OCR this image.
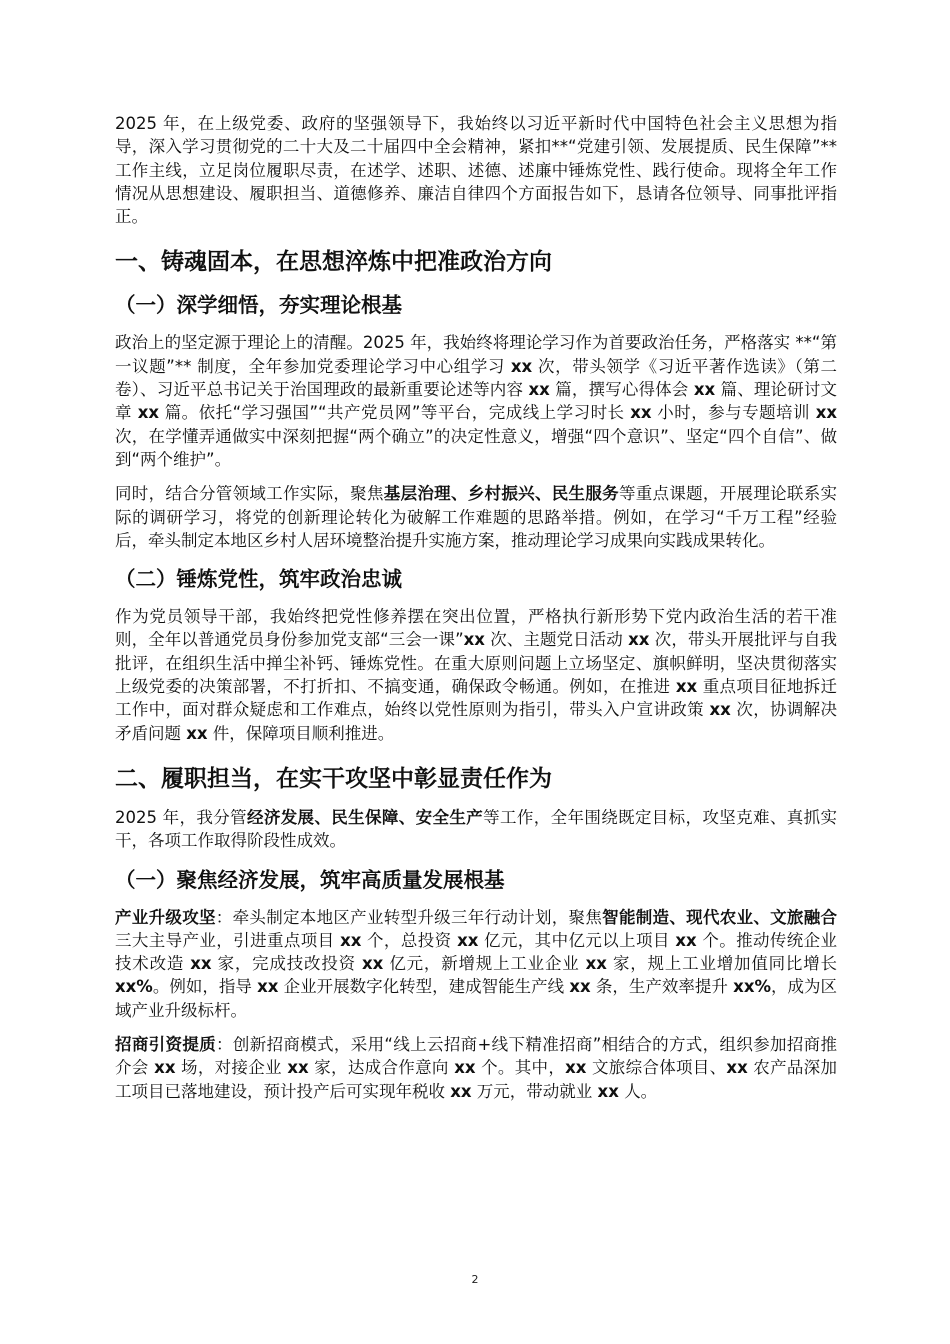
2025 年，在上级党委、政府的坚强领导下，我始终以习近平新时代中国特色社会主义思想为指导，深入学习贯彻党的二十大及二十届四中全会精神，紧扣**“党建引领、发展提质、民生保障”** 工作主线，立足岗位履职尽责，在述学、述职、述德、述廉中锤炼党性、践行使命。现将全年工作情况从思想建设、履职担当、道德修养、廉洁自律四个方面报告如下，恳请各位领导、同事批评指正。

一、铸魂固本，在思想淬炼中把准政治方向
（一）深学细悟，夯实理论根基

政治上的坚定源于理论上的清醒。2025 年，我始终将理论学习作为首要政治任务，严格落实 **“第一议题”** 制度，全年参加党委理论学习中心组学习 xx 次，带头领学《习近平著作选读》（第二卷）、习近平总书记关于治国理政的最新重要论述等内容 xx 篇，撰写心得体会 xx 篇、理论研讨文章 xx 篇。依托“学习强国”“共产党员网”等平台，完成线上学习时长 xx 小时，参与专题培训 xx 次，在学懂弄通做实中深刻把握“两个确立”的决定性意义，增强“四个意识”、坚定“四个自信”、做到“两个维护”。

同时，结合分管领域工作实际，聚焦基层治理、乡村振兴、民生服务等重点课题，开展理论联系实际的调研学习，将党的创新理论转化为破解工作难题的思路举措。例如，在学习“千万工程”经验后，牵头制定本地区乡村人居环境整治提升实施方案，推动理论学习成果向实践成果转化。

（二）锤炼党性，筑牢政治忠诚

作为党员领导干部，我始终把党性修养摆在突出位置，严格执行新形势下党内政治生活的若干准则，全年以普通党员身份参加党支部“三会一课”xx 次、主题党日活动 xx 次，带头开展批评与自我批评，在组织生活中掸尘补钙、锤炼党性。在重大原则问题上立场坚定、旗帜鲜明，坚决贯彻落实上级党委的决策部署，不打折扣、不搞变通，确保政令畅通。例如，在推进 xx 重点项目征地拆迁工作中，面对群众疑虑和工作难点，始终以党性原则为指引，带头入户宣讲政策 xx 次，协调解决矛盾问题 xx 件，保障项目顺利推进。

二、履职担当，在实干攻坚中彰显责任作为

2025 年，我分管经济发展、民生保障、安全生产等工作，全年围绕既定目标，攻坚克难、真抓实干，各项工作取得阶段性成效。

（一）聚焦经济发展，筑牢高质量发展根基

产业升级攻坚：牵头制定本地区产业转型升级三年行动计划，聚焦智能制造、现代农业、文旅融合三大主导产业，引进重点项目 xx 个，总投资 xx 亿元，其中亿元以上项目 xx 个。推动传统企业技术改造 xx 家，完成技改投资 xx 亿元，新增规上工业企业 xx 家，规上工业增加值同比增长 xx%。例如，指导 xx 企业开展数字化转型，建成智能生产线 xx 条，生产效率提升 xx%，成为区域产业升级标杆。

招商引资提质：创新招商模式，采用“线上云招商+线下精准招商”相结合的方式，组织参加招商推介会 xx 场，对接企业 xx 家，达成合作意向 xx 个。其中，xx 文旅综合体项目、xx 农产品深加工项目已落地建设，预计投产后可实现年税收 xx 万元，带动就业 xx 人。

2
